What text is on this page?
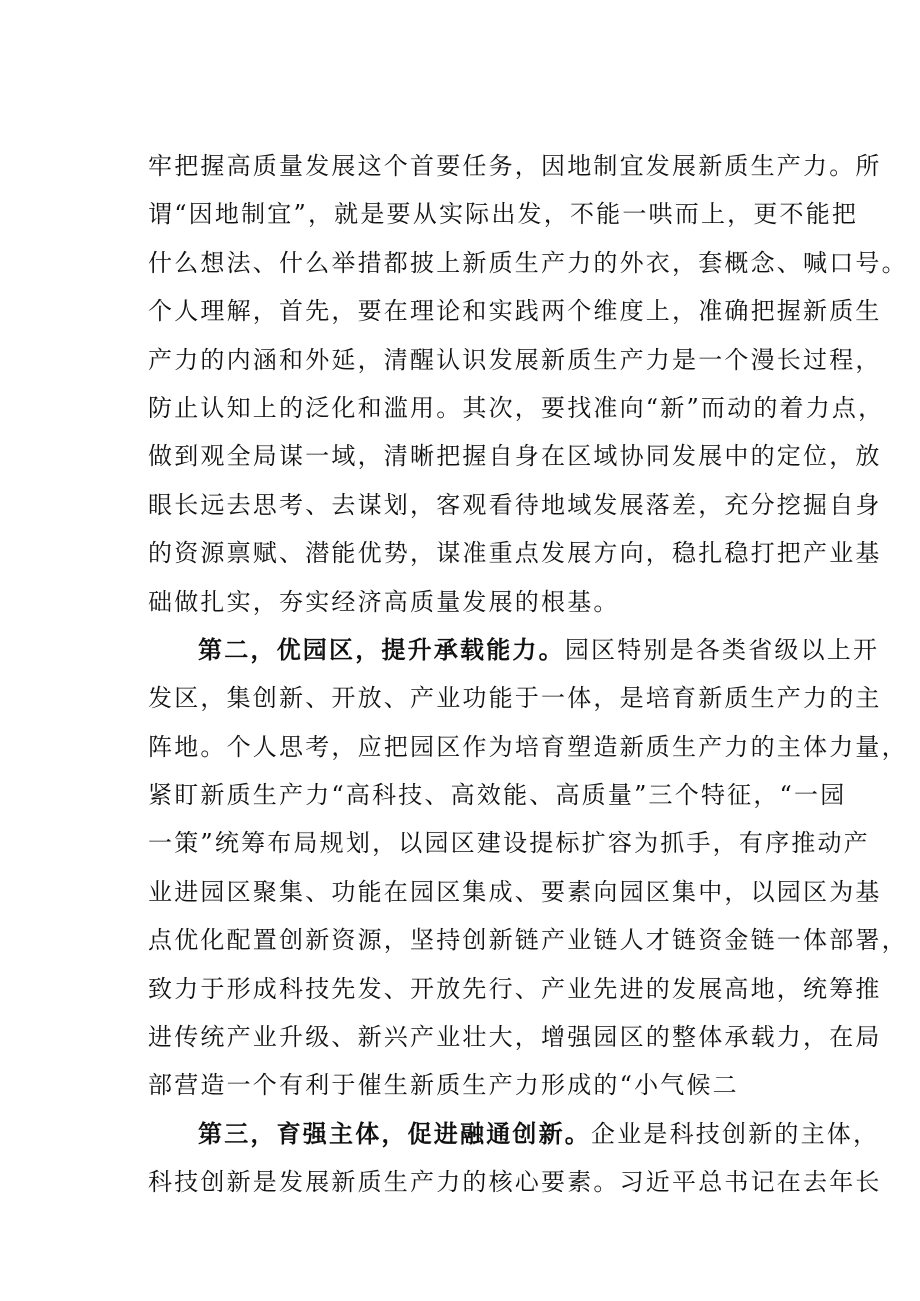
牢把握高质量发展这个首要任务，因地制宜发展新质生产力。所
谓“因地制宜”，就是要从实际出发，不能一哄而上，更不能把
什么想法、什么举措都披上新质生产力的外衣，套概念、喊口号。
个人理解，首先，要在理论和实践两个维度上，准确把握新质生
产力的内涵和外延，清醒认识发展新质生产力是一个漫长过程，
防止认知上的泛化和滥用。其次，要找准向“新”而动的着力点，
做到观全局谋一域，清晰把握自身在区域协同发展中的定位，放
眼长远去思考、去谋划，客观看待地域发展落差，充分挖掘自身
的资源禀赋、潜能优势，谋准重点发展方向，稳扎稳打把产业基
础做扎实，夯实经济高质量发展的根基。
第二，优园区，提升承载能力。园区特别是各类省级以上开
发区，集创新、开放、产业功能于一体，是培育新质生产力的主
阵地。个人思考，应把园区作为培育塑造新质生产力的主体力量，
紧盯新质生产力“高科技、高效能、高质量”三个特征，“一园
一策”统筹布局规划，以园区建设提标扩容为抓手，有序推动产
业进园区聚集、功能在园区集成、要素向园区集中，以园区为基
点优化配置创新资源，坚持创新链产业链人才链资金链一体部署，
致力于形成科技先发、开放先行、产业先进的发展高地，统筹推
进传统产业升级、新兴产业壮大，增强园区的整体承载力，在局
部营造一个有利于催生新质生产力形成的“小气候二
第三，育强主体，促进融通创新。企业是科技创新的主体，
科技创新是发展新质生产力的核心要素。习近平总书记在去年长
